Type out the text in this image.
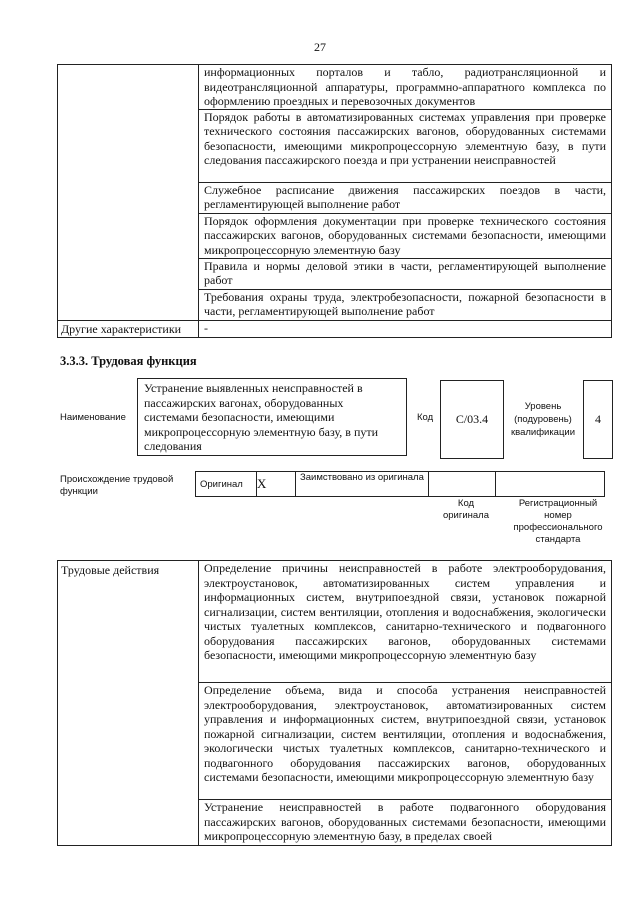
27
	информационных порталов и табло, радиотрансляционной и видеотрансляционной аппаратуры, программно-аппаратного комплекса по оформлению проездных и перевозочных документов
	Порядок работы в автоматизированных системах управления при проверке технического состояния пассажирских вагонов, оборудованных системами безопасности, имеющими микропроцессорную элементную базу, в пути следования пассажирского поезда и при устранении неисправностей
	Служебное расписание движения пассажирских поездов в части, регламентирующей выполнение работ
	Порядок оформления документации при проверке технического состояния пассажирских вагонов, оборудованных системами безопасности, имеющими микропроцессорную элементную базу
	Правила и нормы деловой этики в части, регламентирующей выполнение работ
	Требования охраны труда, электробезопасности, пожарной безопасности в части, регламентирующей выполнение работ
Другие характеристики	-
3.3.3. Трудовая функция
Наименование
Устранение выявленных неисправностей в пассажирских вагонах, оборудованных системами безопасности, имеющими микропроцессорную элементную базу, в пути следования
Код	С/03.4
Уровень (подуровень) квалификации
4
Происхождение трудовой функции
Оригинал	X	Заимствовано из оригинала		
Код оригинала
Регистрационный номер профессионального стандарта
Трудовые действия	Определение причины неисправностей в работе электрооборудования, электроустановок, автоматизированных систем управления и информационных систем, внутрипоездной связи, установок пожарной сигнализации, систем вентиляции, отопления и водоснабжения, экологически чистых туалетных комплексов, санитарно-технического и подвагонного оборудования пассажирских вагонов, оборудованных системами безопасности, имеющими микропроцессорную элементную базу
Определение объема, вида и способа устранения неисправностей электрооборудования, электроустановок, автоматизированных систем управления и информационных систем, внутрипоездной связи, установок пожарной сигнализации, систем вентиляции, отопления и водоснабжения, экологически чистых туалетных комплексов, санитарно-технического и подвагонного оборудования пассажирских вагонов, оборудованных системами безопасности, имеющими микропроцессорную элементную базу
Устранение неисправностей в работе подвагонного оборудования пассажирских вагонов, оборудованных системами безопасности, имеющими микропроцессорную элементную базу, в пределах своей
